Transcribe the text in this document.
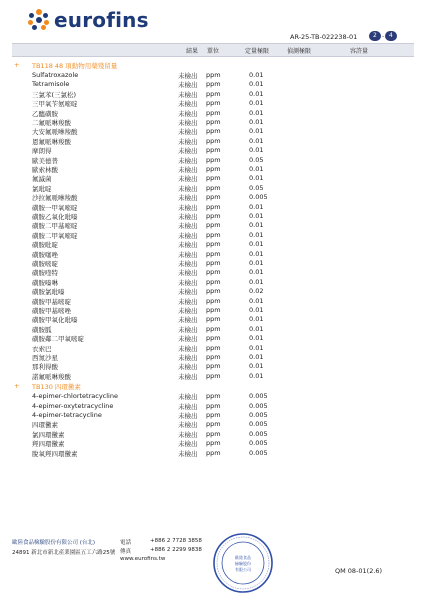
eurofins
AR-25-TB-022238-01	2 - 4
結果 單位	定量極限	偵測極限	容許量
+ TB118 48 項動物用藥殘留量
Sulfatroxazole	未檢出 ppm	0.01
Tetramisole	未檢出 ppm	0.01
三氯苯(三氯松)	未檢出 ppm	0.01
三甲氧苄氨嘧啶	未檢出 ppm	0.01
乙醯磺胺	未檢出 ppm	0.01
二氟哌啉羧酸	未檢出 ppm	0.01
大安氟哌啉羧酸	未檢出 ppm	0.01
恩氟哌啉羧酸	未檢出 ppm	0.01
摩朗得	未檢出 ppm	0.01
歐美德普	未檢出 ppm	0.05
歐索林酸	未檢出 ppm	0.01
氟滅菌	未檢出 ppm	0.01
氯吡啶	未檢出 ppm	0.05
沙拉氟哌啉羧酸	未檢出 ppm	0.005
磺胺一甲氧嘧啶	未檢出 ppm	0.01
磺胺乙氧化吡嗪	未檢出 ppm	0.01
磺胺二甲基嘧啶	未檢出 ppm	0.01
磺胺二甲氧嘧啶	未檢出 ppm	0.01
磺胺吡啶	未檢出 ppm	0.01
磺胺噻唑	未檢出 ppm	0.01
磺胺嘧啶	未檢出 ppm	0.01
磺胺喹特	未檢出 ppm	0.01
磺胺嗪啉	未檢出 ppm	0.01
磺胺氯吡嗪	未檢出 ppm	0.02
磺胺甲基嘧啶	未檢出 ppm	0.01
磺胺甲基嘧唑	未檢出 ppm	0.01
磺胺甲氧化吡嗪	未檢出 ppm	0.01
磺胺胍	未檢出 ppm	0.01
磺胺鄰二甲氧嘧啶	未檢出 ppm	0.01
衣索巴	未檢出 ppm	0.01
西氮沙星	未檢出 ppm	0.01
那利得酸	未檢出 ppm	0.01
諾氟哌啉羧酸	未檢出 ppm	0.01
+ TB130 四環黴素
4-epimer-chlortetracycline	未檢出 ppm	0.005
4-epimer-oxytetracycline	未檢出 ppm	0.005
4-epimer-tetracycline	未檢出 ppm	0.005
四環黴素	未檢出 ppm	0.005
氯四環黴素	未檢出 ppm	0.005
羥四環黴素	未檢出 ppm	0.005
脫氧羥四環黴素	未檢出 ppm	0.005
歐陸食品檢驗股份有限公司 (台北)
24891 新北市新北產業園區五工六路25號
電話	+886 2 7728 3858
傳真	+886 2 2299 9838
www.eurofins.tw	歐陸食品
檢驗股份
有限公司	QM 08-01(2.6)
